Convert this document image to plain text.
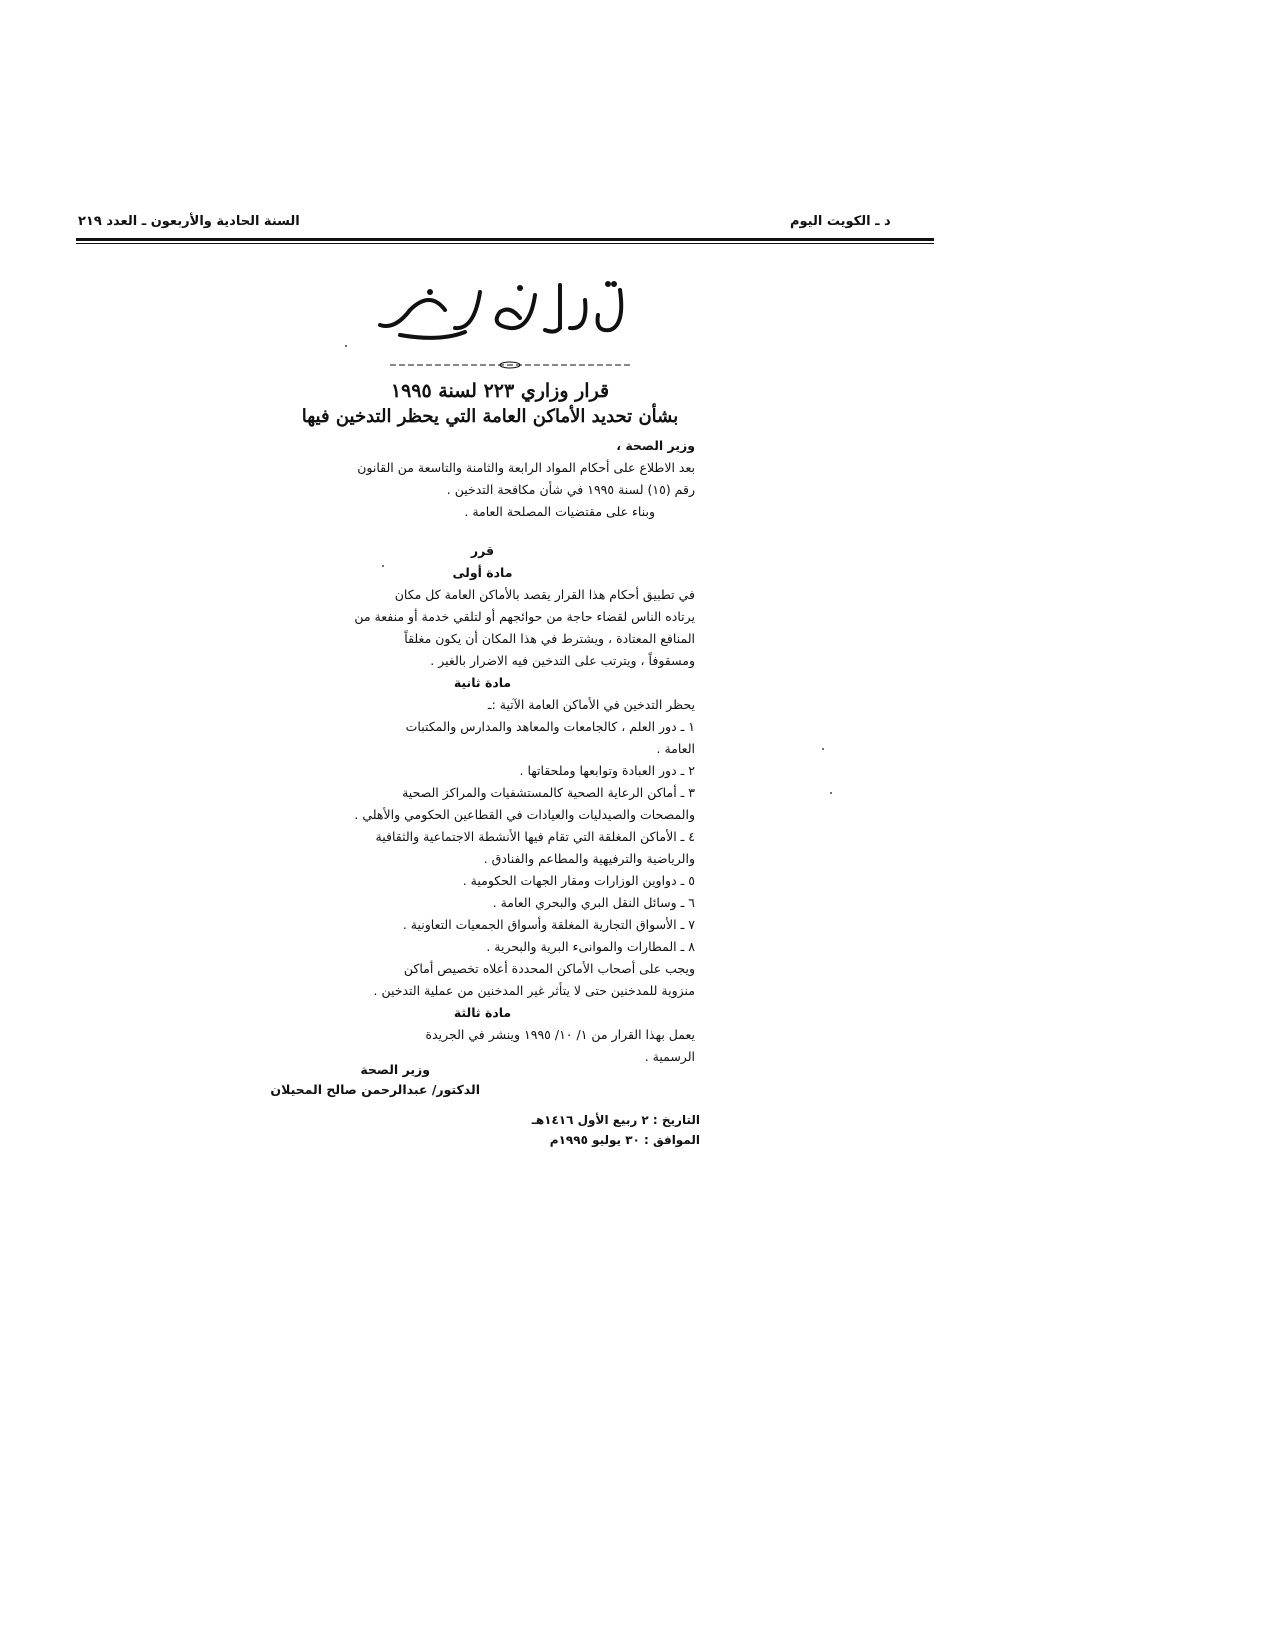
السنة الحادية والأربعون ـ العدد ٢١٩	د ـ الكويت اليوم
قرار وزاري ٢٢٣ لسنة ١٩٩٥
بشأن تحديد الأماكن العامة التي يحظر التدخين فيها
وزير الصحة ،
بعد الاطلاع على أحكام المواد الرابعة والثامنة والتاسعة من القانون
رقم (١٥) لسنة ١٩٩٥ في شأن مكافحة التدخين .
وبناء على مقتضيات المصلحة العامة .
قرر
مادة أولى
في تطبيق أحكام هذا القرار يقصد بالأماكن العامة كل مكان
يرتاده الناس لقضاء حاجة من حوائجهم أو لتلقي خدمة أو منفعة من
المنافع المعتادة ، ويشترط في هذا المكان أن يكون مغلقاً
ومسقوفاً ، ويترتب على التدخين فيه الاضرار بالغير .
مادة ثانية
يحظر التدخين في الأماكن العامة الآتية :ـ
١ ـ دور العلم ، كالجامعات والمعاهد والمدارس والمكتبات
العامة .
٢ ـ دور العبادة وتوابعها وملحقاتها .
٣ ـ أماكن الرعاية الصحية كالمستشفيات والمراكز الصحية
والمصحات والصيدليات والعيادات في القطاعين الحكومي والأهلي .
٤ ـ الأماكن المغلقة التي تقام فيها الأنشطة الاجتماعية والثقافية
والرياضية والترفيهية والمطاعم والفنادق .
٥ ـ دواوين الوزارات ومقار الجهات الحكومية .
٦ ـ وسائل النقل البري والبحري العامة .
٧ ـ الأسواق التجارية المغلقة وأسواق الجمعيات التعاونية .
٨ ـ المطارات والموانىء البرية والبحرية .
ويجب على أصحاب الأماكن المحددة أعلاه تخصيص أماكن
منزوية للمدخنين حتى لا يتأثر غير المدخنين من عملية التدخين .
مادة ثالثة
يعمل بهذا القرار من ١/ ١٠/ ١٩٩٥ وينشر في الجريدة
الرسمية .
وزير الصحة
الدكتور/ عبدالرحمن صالح المحيلان
التاريخ : ٢ ربيع الأول ١٤١٦هـ
الموافق : ٣٠ يوليو ١٩٩٥م
